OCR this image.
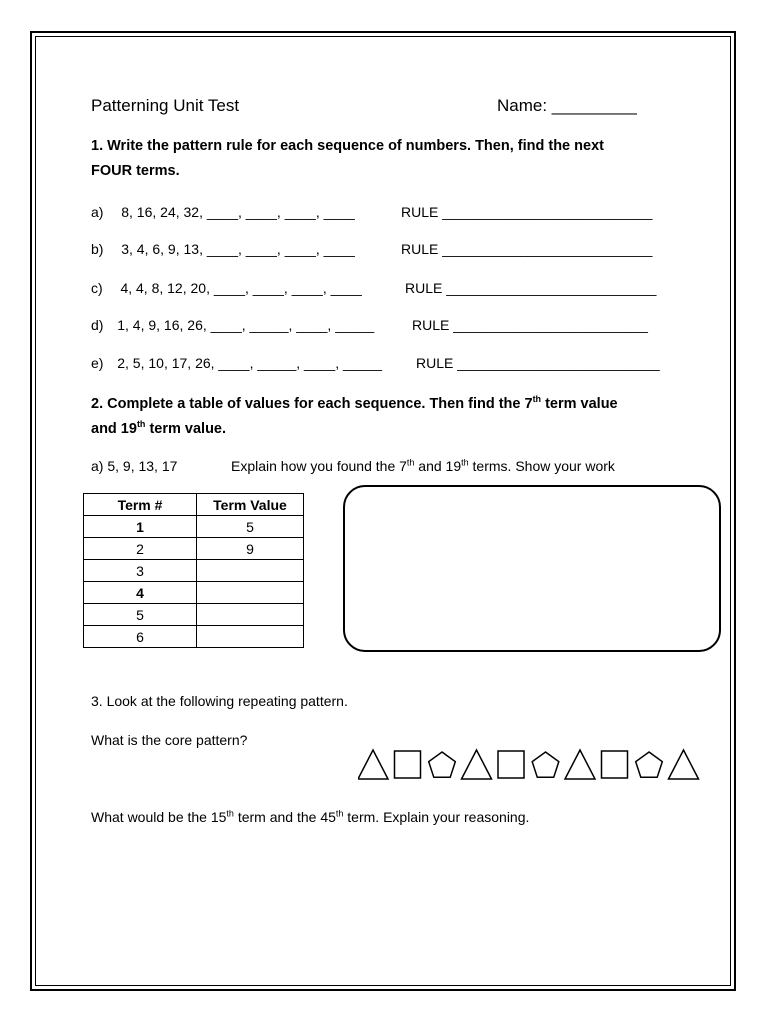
Patterning Unit Test	Name: _________
1. Write the pattern rule for each sequence of numbers. Then, find the next
FOUR terms.
a) 8, 16, 24, 32, ____, ____, ____, ____	RULE ___________________________
b) 3, 4, 6, 9, 13, ____, ____, ____, ____	RULE ___________________________
c) 4, 4, 8, 12, 20, ____, ____, ____, ____	RULE ___________________________
d) 1, 4, 9, 16, 26, ____, _____, ____, _____	RULE _________________________
e) 2, 5, 10, 17, 26, ____, _____, ____, _____ RULE __________________________
2. Complete a table of values for each sequence. Then find the 7th term value
and 19th term value.
a) 5, 9, 13, 17	Explain how you found the 7th and 19th terms. Show your work
Term #	Term Value
1	5
2	9
3	
4	
5	
6	
3. Look at the following repeating pattern.
What is the core pattern?
What would be the 15th term and the 45th term. Explain your reasoning.
